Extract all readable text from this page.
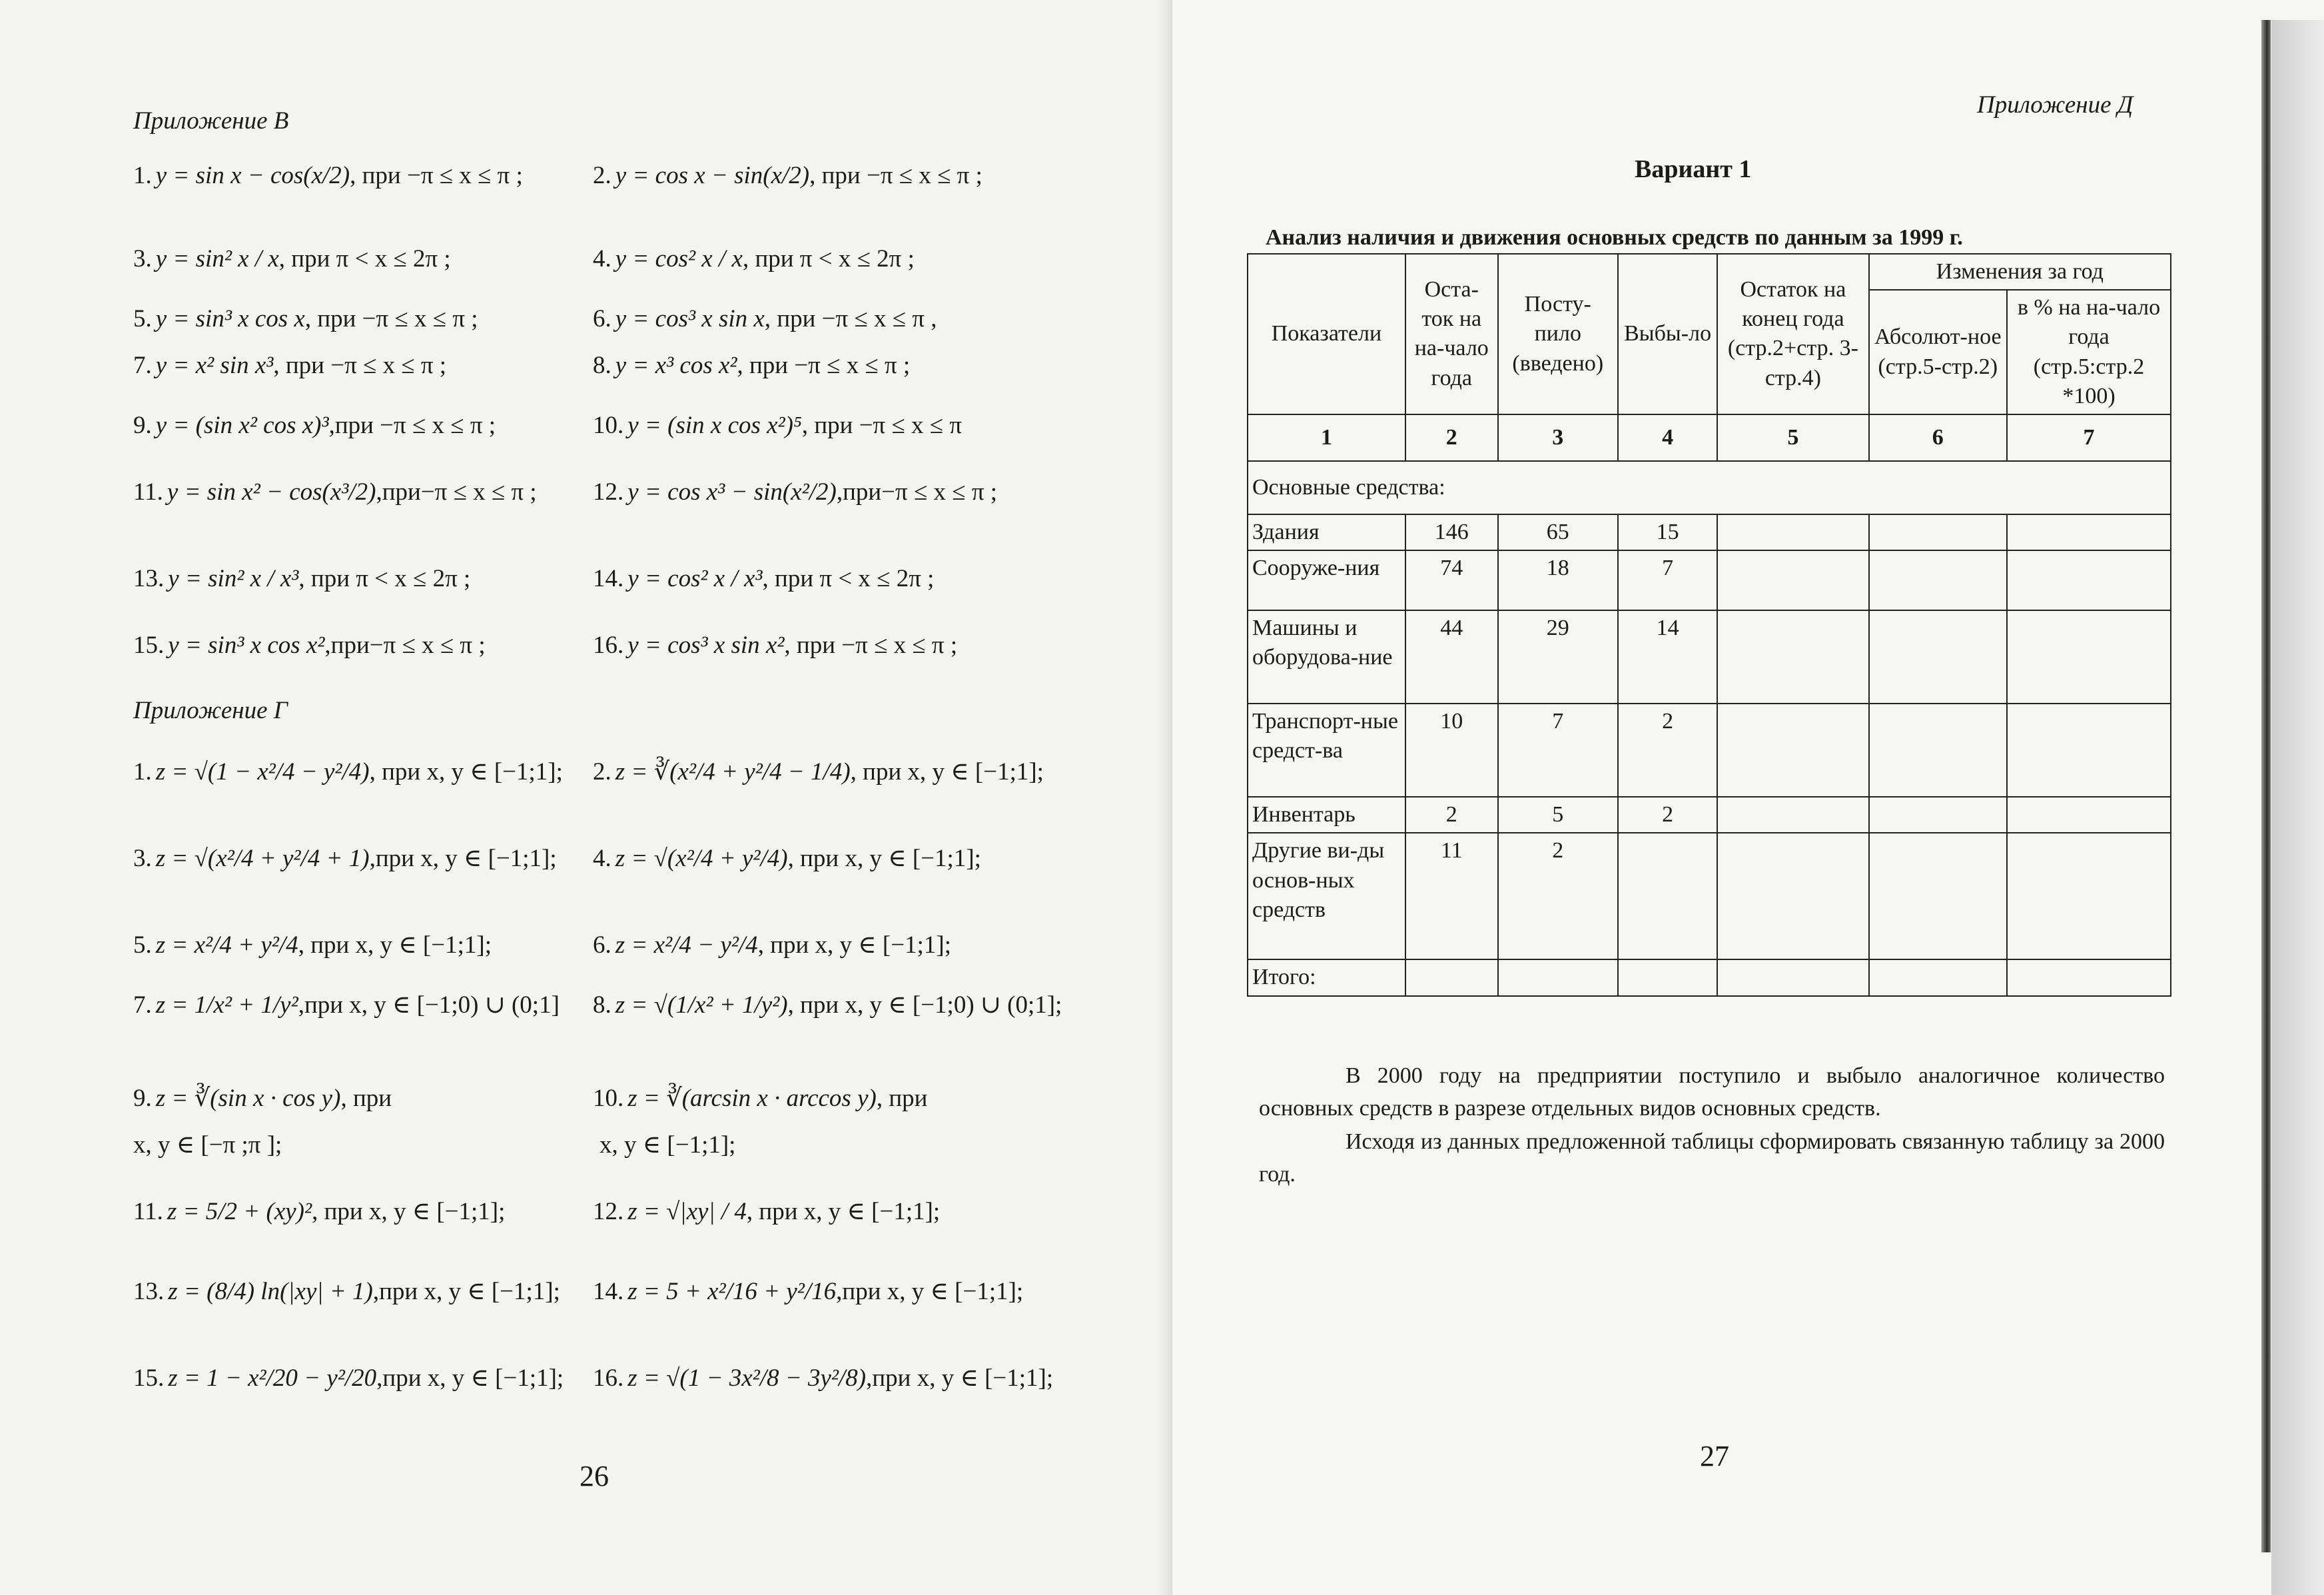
Приложение В
1. y = sin x − cos(x/2), при −π ≤ x ≤ π ;	2. y = cos x − sin(x/2), при −π ≤ x ≤ π ;
3. y = sin² x / x, при π < x ≤ 2π ;	4. y = cos² x / x, при π < x ≤ 2π ;
5. y = sin³ x cos x, при −π ≤ x ≤ π ;	6. y = cos³ x sin x, при −π ≤ x ≤ π ,
7. y = x² sin x³, при −π ≤ x ≤ π ;	8. y = x³ cos x², при −π ≤ x ≤ π ;
9. y = (sin x² cos x)³,при −π ≤ x ≤ π ;	10. y = (sin x cos x²)⁵, при −π ≤ x ≤ π
11. y = sin x² − cos(x³/2),при−π ≤ x ≤ π ; 12. y = cos x³ − sin(x²/2),при−π ≤ x ≤ π ;
13. y = sin² x / x³, при π < x ≤ 2π ;	14. y = cos² x / x³, при π < x ≤ 2π ;
15. y = sin³ x cos x²,при−π ≤ x ≤ π ;	16. y = cos³ x sin x², при −π ≤ x ≤ π ;
Приложение Г
1. z = √(1 − x²/4 − y²/4), при x, y ∈ [−1;1]; 2. z = ∛(x²/4 + y²/4 − 1/4), при x, y ∈ [−1;1];
3. z = √(x²/4 + y²/4 + 1),при x, y ∈ [−1;1]; 4. z = √(x²/4 + y²/4), при x, y ∈ [−1;1];
5. z = x²/4 + y²/4, при x, y ∈ [−1;1];	6. z = x²/4 − y²/4, при x, y ∈ [−1;1];
7. z = 1/x² + 1/y²,при x, y ∈ [−1;0) ∪ (0;1] 8. z = √(1/x² + 1/y²), при x, y ∈ [−1;0) ∪ (0;1];
9. z = ∛(sin x · cos y), при	10. z = ∛(arcsin x · arccos y), при
11. z = 5/2 + (xy)², при x, y ∈ [−1;1];	12. z = √|xy| / 4, при x, y ∈ [−1;1];
13. z = (8/4) ln(|xy| + 1),при x, y ∈ [−1;1]; 14. z = 5 + x²/16 + y²/16,при x, y ∈ [−1;1];
15. z = 1 − x²/20 − y²/20,при x, y ∈ [−1;1]; 16. z = √(1 − 3x²/8 − 3y²/8),при x, y ∈ [−1;1];
x, y ∈ [−π ;π ];	x, y ∈ [−1;1];
26
Приложение Д
Вариант 1
Анализ наличия и движения основных средств по данным за 1999 г.
Показатели	Оста-ток на на-чало года	Посту-пило (введено)	Выбы-ло	Остаток на конец года (стр.2+стр. 3-стр.4)	Изменения за год	
					Абсолют-ное (стр.5-стр.2)	в % на на-чало года (стр.5:стр.2 *100)
1	2	3	4	5	6	7
Основные средства:						
Здания	146	65	15			
Сооруже-ния	74	18	7			
Машины и оборудова-ние	44	29	14			
Транспорт-ные средст-ва	10	7	2			
Инвентарь	2	5	2			
Другие ви-ды основ-ных средств	11	2				
Итого:						

В 2000 году на предприятии поступило и выбыло аналогичное количество основных средств в разрезе отдельных видов основных средств.

Исходя из данных предложенной таблицы сформировать связанную таблицу за 2000 год.

27
